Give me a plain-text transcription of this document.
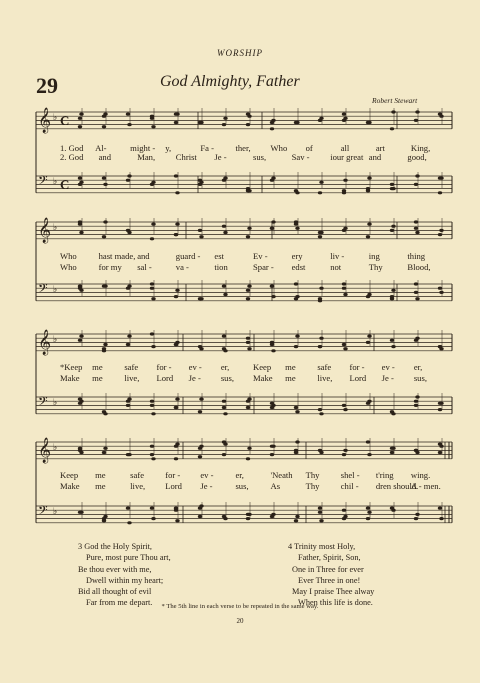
WORSHIP
29	God Almighty, Father
Robert Stewart
𝄞 ♭ C
𝄢 ♭ C
𝄞 ♭
𝄢 ♭
𝄞 ♭
𝄢 ♭
𝄞 ♭
𝄢 ♭
1. God Al-	might - y,	Fa - ther, Who of	all	art	King,
2. God and	Man, Christ Je -	sus,	Sav - iour great and	good,
Who	hast made, and	guard - est	Ev -	ery	liv -	ing	thing
Who	for my sal -	va -	tion	Spar - edst	not	Thy	Blood,
*Keep me	safe for - ev - er,	Keep me	safe for - ev - er,
Make me	live, Lord Je - sus, Make me	live, Lord Je - sus,
Keep me	safe for - ev -	er,	'Neath Thy shel - t'ring wing.
Make me	live, Lord Je -	sus,	As	Thy chil - dren should.
A - men.
3 God the Holy Spirit,
Pure, most pure Thou art,
Be thou ever with me,
Dwell within my heart;
Bid all thought of evil
Far from me depart.
4 Trinity most Holy,
Father, Spirit, Son,
One in Three for ever
Ever Three in one!
May I praise Thee alway
When this life is done.
* The 5th line in each verse to be repeated in the same way.
20
